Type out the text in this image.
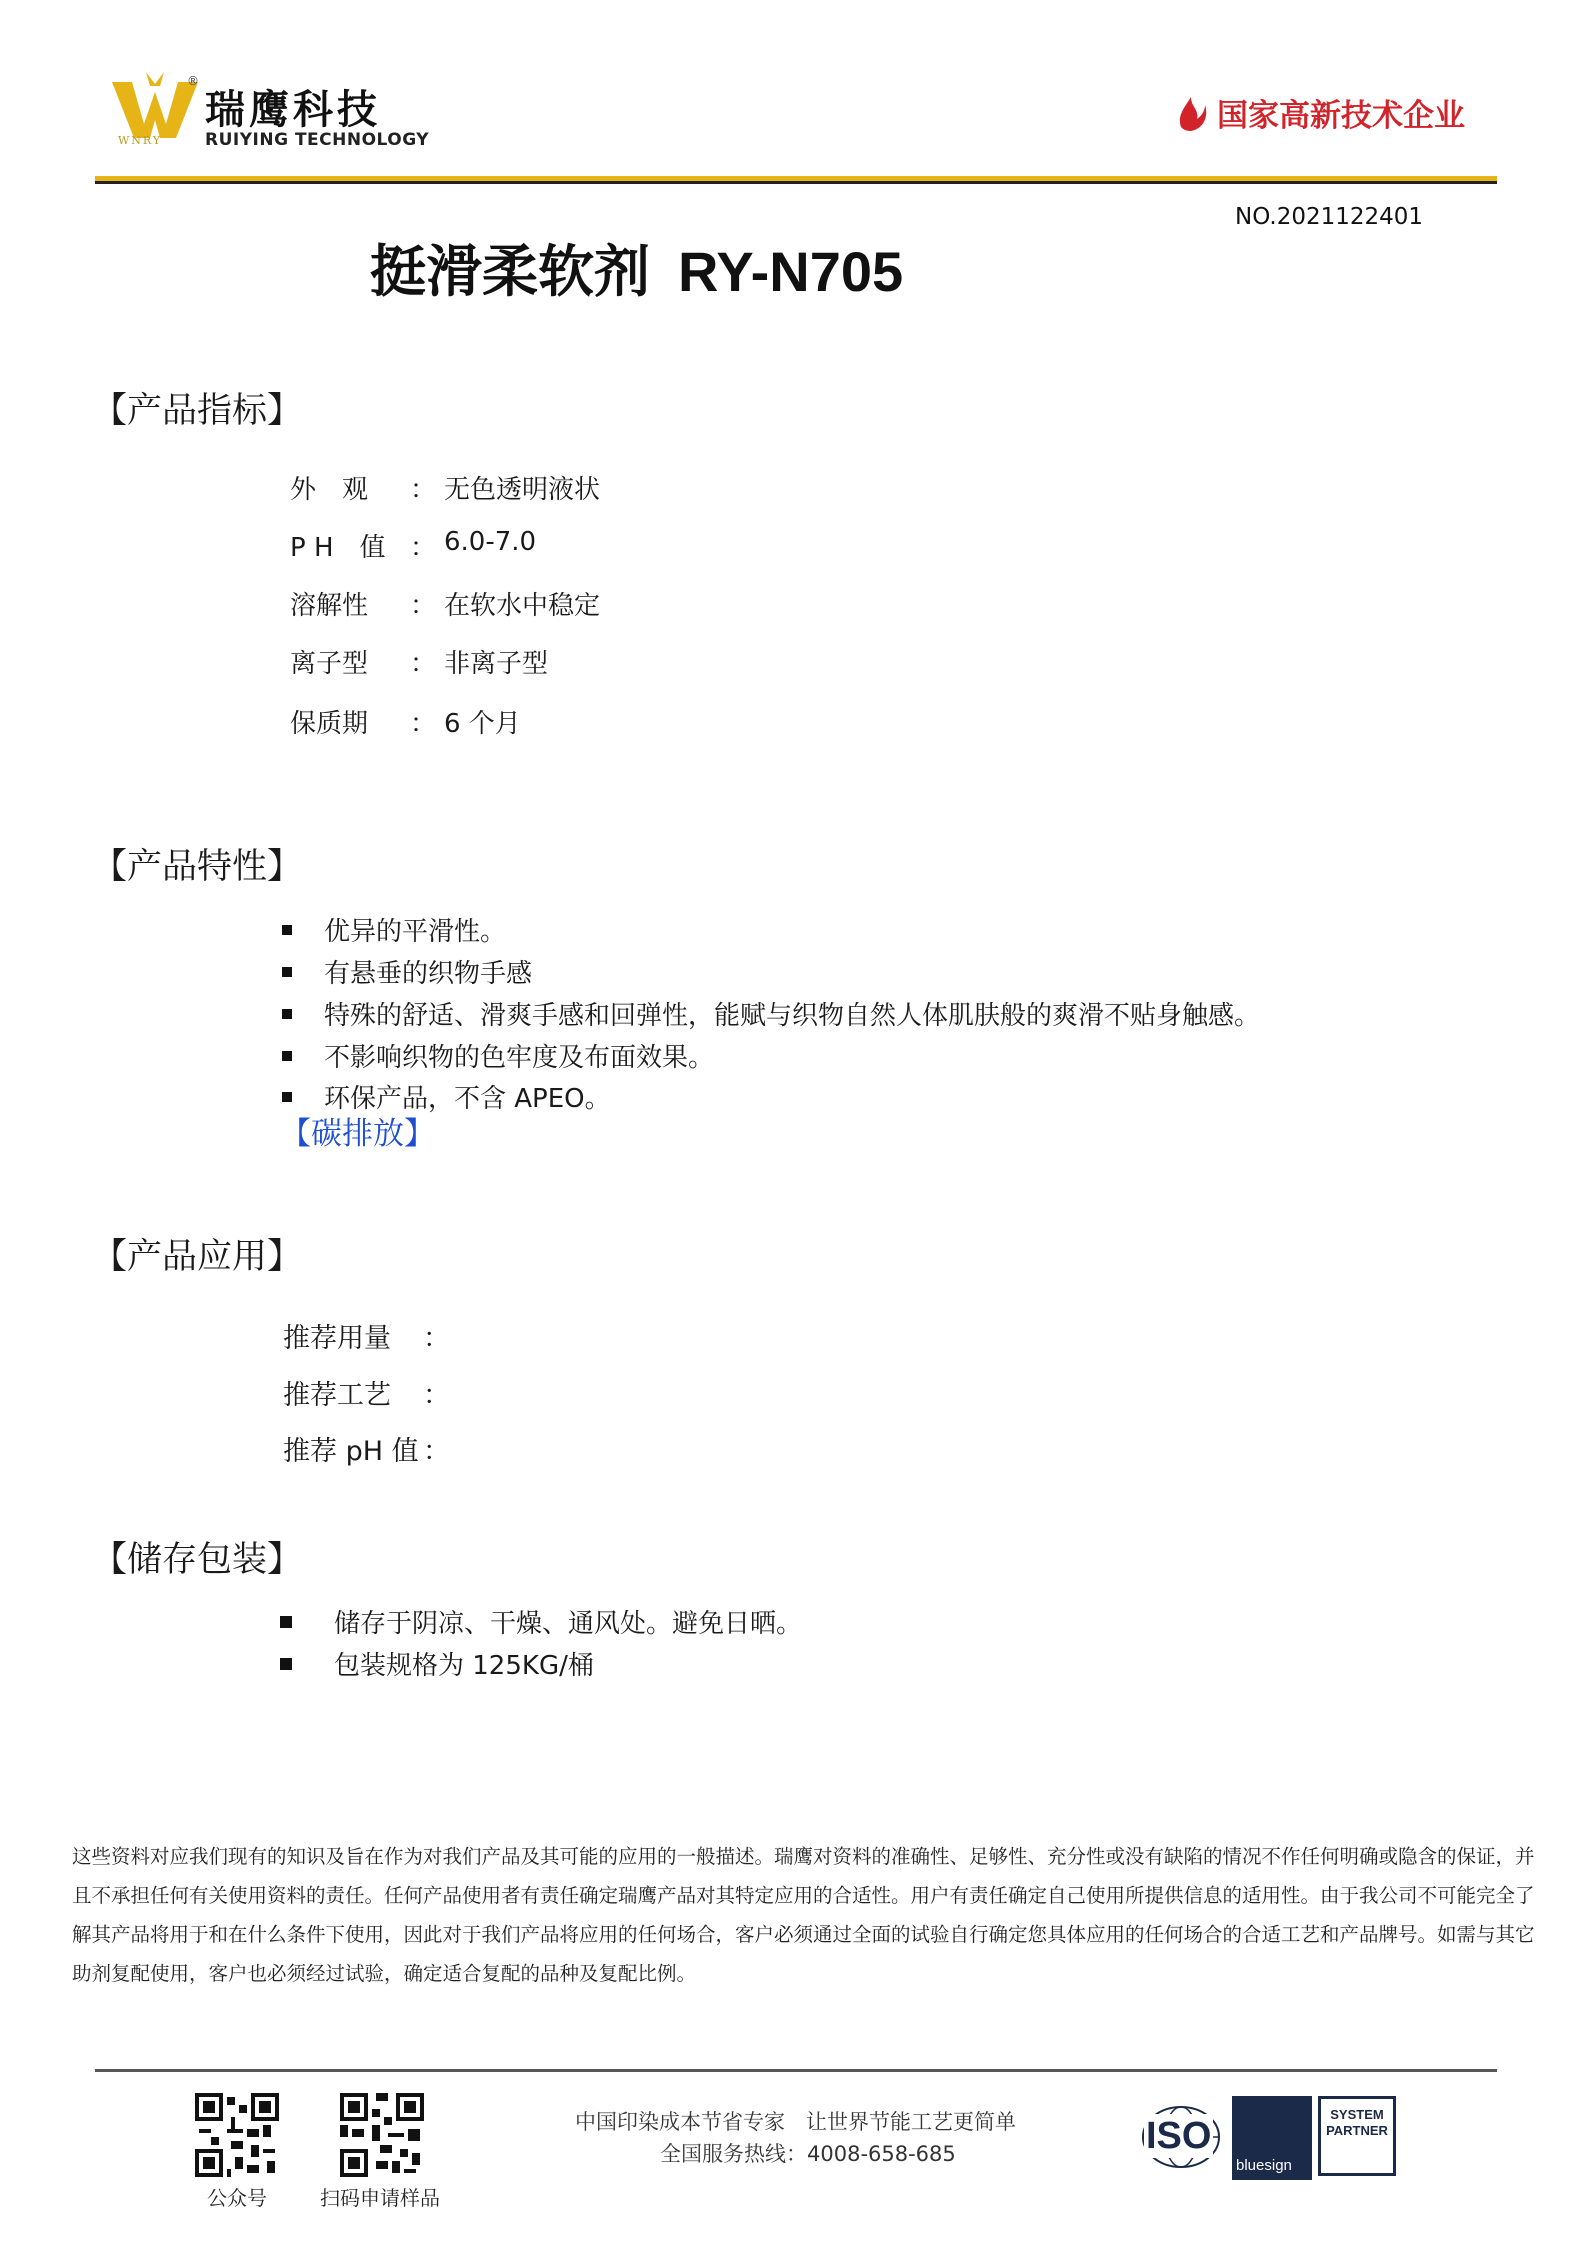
®
WNRY
瑞鹰科技
RUIYING TECHNOLOGY
国家高新技术企业
NO.2021122401
挺滑柔软剂 RY-N705
【产品指标】
外　观	： 无色透明液状
P H　值 ： 6.0-7.0
溶解性	： 在软水中稳定
离子型	： 非离子型
保质期	： 6 个月
【产品特性】
优异的平滑性。
有悬垂的织物手感
特殊的舒适、滑爽手感和回弹性，能赋与织物自然人体肌肤般的爽滑不贴身触感。
不影响织物的色牢度及布面效果。
环保产品，不含 APEO。
【碳排放】
【产品应用】
推荐用量	：
推荐工艺	：
推荐 pH 值 ：
【储存包装】
储存于阴凉、干燥、通风处。避免日晒。
包装规格为 125KG/桶
这些资料对应我们现有的知识及旨在作为对我们产品及其可能的应用的一般描述。瑞鹰对资料的准确性、足够性、充分性或没有缺陷的情况不作任何明确或隐含的保证，并且不承担任何有关使用资料的责任。任何产品使用者有责任确定瑞鹰产品对其特定应用的合适性。用户有责任确定自己使用所提供信息的适用性。由于我公司不可能完全了解其产品将用于和在什么条件下使用，因此对于我们产品将应用的任何场合，客户必须通过全面的试验自行确定您具体应用的任何场合的合适工艺和产品牌号。如需与其它助剂复配使用，客户也必须经过试验，确定适合复配的品种及复配比例。
公众号	扫码申请样品
中国印染成本节省专家　让世界节能工艺更简单
全国服务热线：4008-658-685	ISO
bluesign
SYSTEM
PARTNER
